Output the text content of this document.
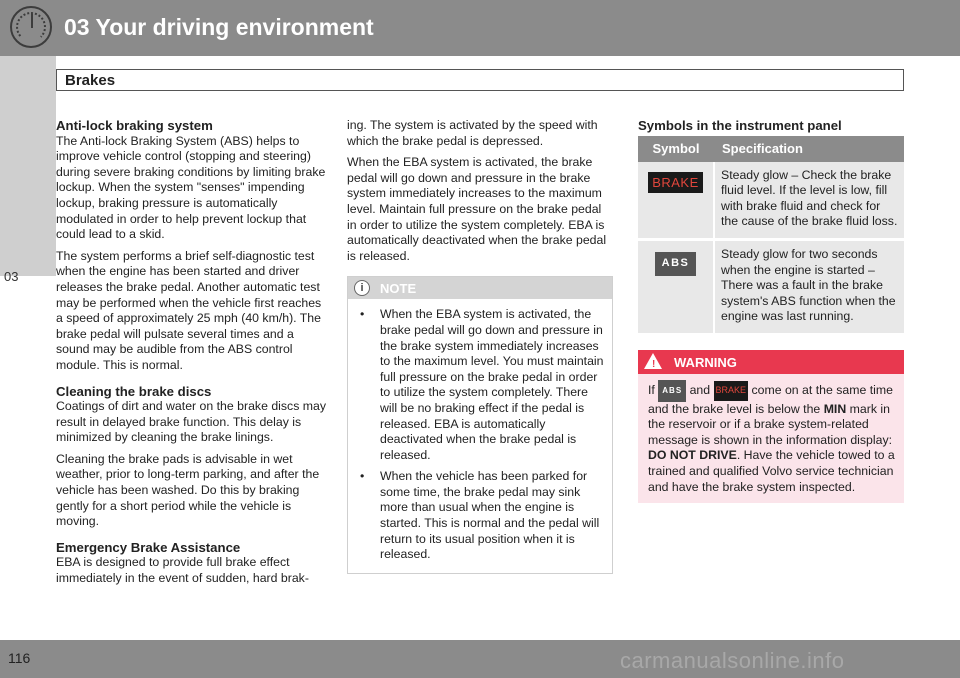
03 Your driving environment
Brakes
03
Anti-lock braking system

The Anti-lock Braking System (ABS) helps to improve vehicle control (stopping and steering) during severe braking conditions by limiting brake lockup. When the system "senses" impending lockup, braking pressure is automatically modulated in order to help prevent lockup that could lead to a skid.

The system performs a brief self-diagnostic test when the engine has been started and driver releases the brake pedal. Another automatic test may be performed when the vehicle first reaches a speed of approximately 25 mph (40 km/h). The brake pedal will pulsate several times and a sound may be audible from the ABS control module. This is normal.

Cleaning the brake discs

Coatings of dirt and water on the brake discs may result in delayed brake function. This delay is minimized by cleaning the brake linings.

Cleaning the brake pads is advisable in wet weather, prior to long-term parking, and after the vehicle has been washed. Do this by braking gently for a short period while the vehicle is moving.

Emergency Brake Assistance

EBA is designed to provide full brake effect immediately in the event of sudden, hard brak-

ing. The system is activated by the speed with which the brake pedal is depressed.

When the EBA system is activated, the brake pedal will go down and pressure in the brake system immediately increases to the maximum level. Maintain full pressure on the brake pedal in order to utilize the system completely. EBA is automatically deactivated when the brake pedal is released.

i	NOTE
• When the EBA system is activated, the brake pedal will go down and pressure in the brake system immediately increases to the maximum level. You must maintain full pressure on the brake pedal in order to utilize the system completely. There will be no braking effect if the pedal is released. EBA is automatically deactivated when the brake pedal is released.
• When the vehicle has been parked for some time, the brake pedal may sink more than usual when the engine is started. This is normal and the pedal will return to its usual position when it is released.
Symbols in the instrument panel
Symbol	Specification
BRAKE	Steady glow – Check the brake fluid level. If the level is low, fill with brake fluid and check for the cause of the brake fluid loss.
ABS	Steady glow for two seconds when the engine is started – There was a fault in the brake system's ABS function when the engine was last running.
! WARNING
If ABS and BRAKE come on at the same time and the brake level is below the MIN mark in the reservoir or if a brake system-related message is shown in the information display: DO NOT DRIVE. Have the vehicle towed to a trained and qualified Volvo service technician and have the brake system inspected.
116	carmanualsonline.info
